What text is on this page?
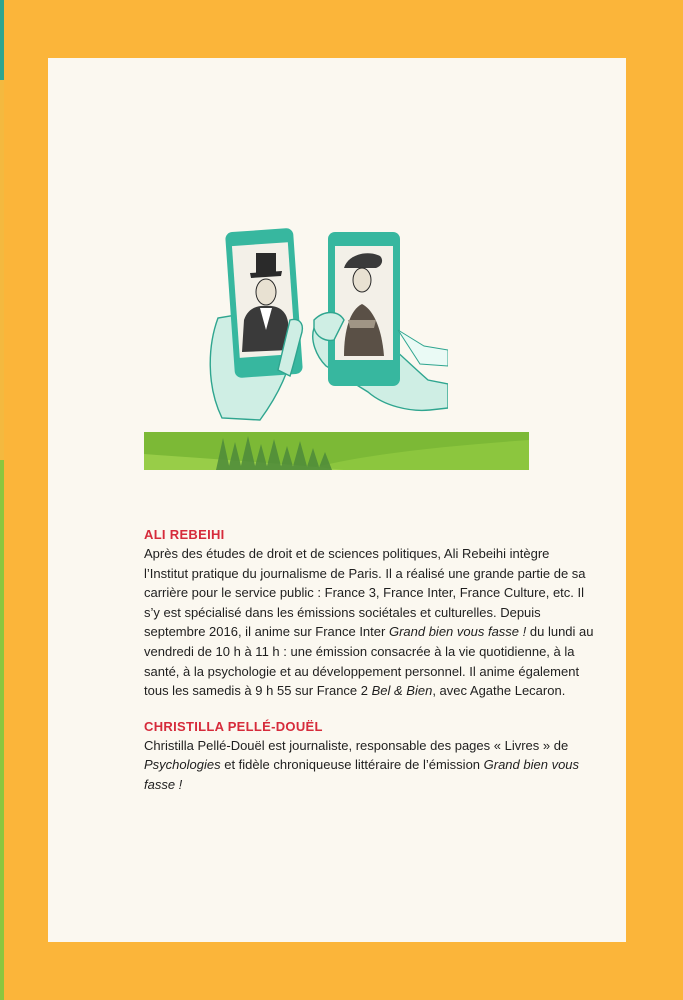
ALI REBEIHI

Après des études de droit et de sciences politiques, Ali Rebeihi intègre l’Institut pratique du journalisme de Paris. Il a réalisé une grande partie de sa carrière pour le service public : France 3, France Inter, France Culture, etc. Il s’y est spécialisé dans les émissions sociétales et culturelles. Depuis septembre 2016, il anime sur France Inter Grand bien vous fasse ! du lundi au vendredi de 10 h à 11 h : une émission consacrée à la vie quotidienne, à la santé, à la psychologie et au développement personnel. Il anime également tous les samedis à 9 h 55 sur France 2 Bel & Bien, avec Agathe Lecaron.

CHRISTILLA PELLÉ-DOUËL

Christilla Pellé-Douël est journaliste, responsable des pages « Livres » de Psychologies et fidèle chroniqueuse littéraire de l’émission Grand bien vous fasse !
